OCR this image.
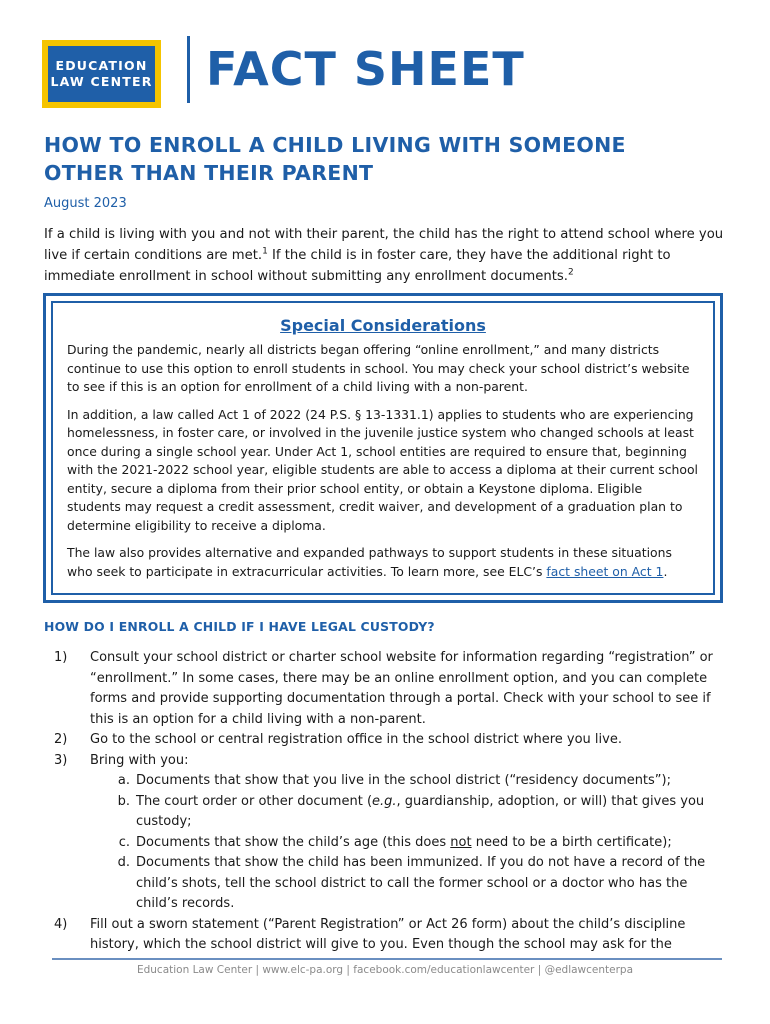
EDUCATION
LAW CENTER FACT SHEET
HOW TO ENROLL A CHILD LIVING WITH SOMEONE OTHER THAN THEIR PARENT
August 2023

If a child is living with you and not with their parent, the child has the right to attend school where you live if certain conditions are met.$^1$ If the child is in foster care, they have the additional right to immediate enrollment in school without submitting any enrollment documents.$^2$

Special Considerations

During the pandemic, nearly all districts began offering “online enrollment,” and many districts continue to use this option to enroll students in school. You may check your school district’s website to see if this is an option for enrollment of a child living with a non-parent.

In addition, a law called Act 1 of 2022 (24 P.S. § 13-1331.1) applies to students who are experiencing homelessness, in foster care, or involved in the juvenile justice system who changed schools at least once during a single school year. Under Act 1, school entities are required to ensure that, beginning with the 2021-2022 school year, eligible students are able to access a diploma at their current school entity, secure a diploma from their prior school entity, or obtain a Keystone diploma. Eligible students may request a credit assessment, credit waiver, and development of a graduation plan to determine eligibility to receive a diploma.

The law also provides alternative and expanded pathways to support students in these situations who seek to participate in extracurricular activities. To learn more, see ELC’s fact sheet on Act 1.

HOW DO I ENROLL A CHILD IF I HAVE LEGAL CUSTODY?
1)	Consult your school district or charter school website for information regarding “registration” or “enrollment.” In some cases, there may be an online enrollment option, and you can complete forms and provide supporting documentation through a portal. Check with your school to see if this is an option for a child living with a non-parent.
2)	Go to the school or central registration office in the school district where you live.
3)	Bring with you:
a. Documents that show that you live in the school district (“residency documents”);
b. The court order or other document (e.g., guardianship, adoption, or will) that gives you custody;
c. Documents that show the child’s age (this does not need to be a birth certificate);
d. Documents that show the child has been immunized. If you do not have a record of the child’s shots, tell the school district to call the former school or a doctor who has the child’s records.
4)	Fill out a sworn statement (“Parent Registration” or Act 26 form) about the child’s discipline history, which the school district will give to you. Even though the school may ask for the
Education Law Center | www.elc-pa.org | facebook.com/educationlawcenter | @edlawcenterpa
